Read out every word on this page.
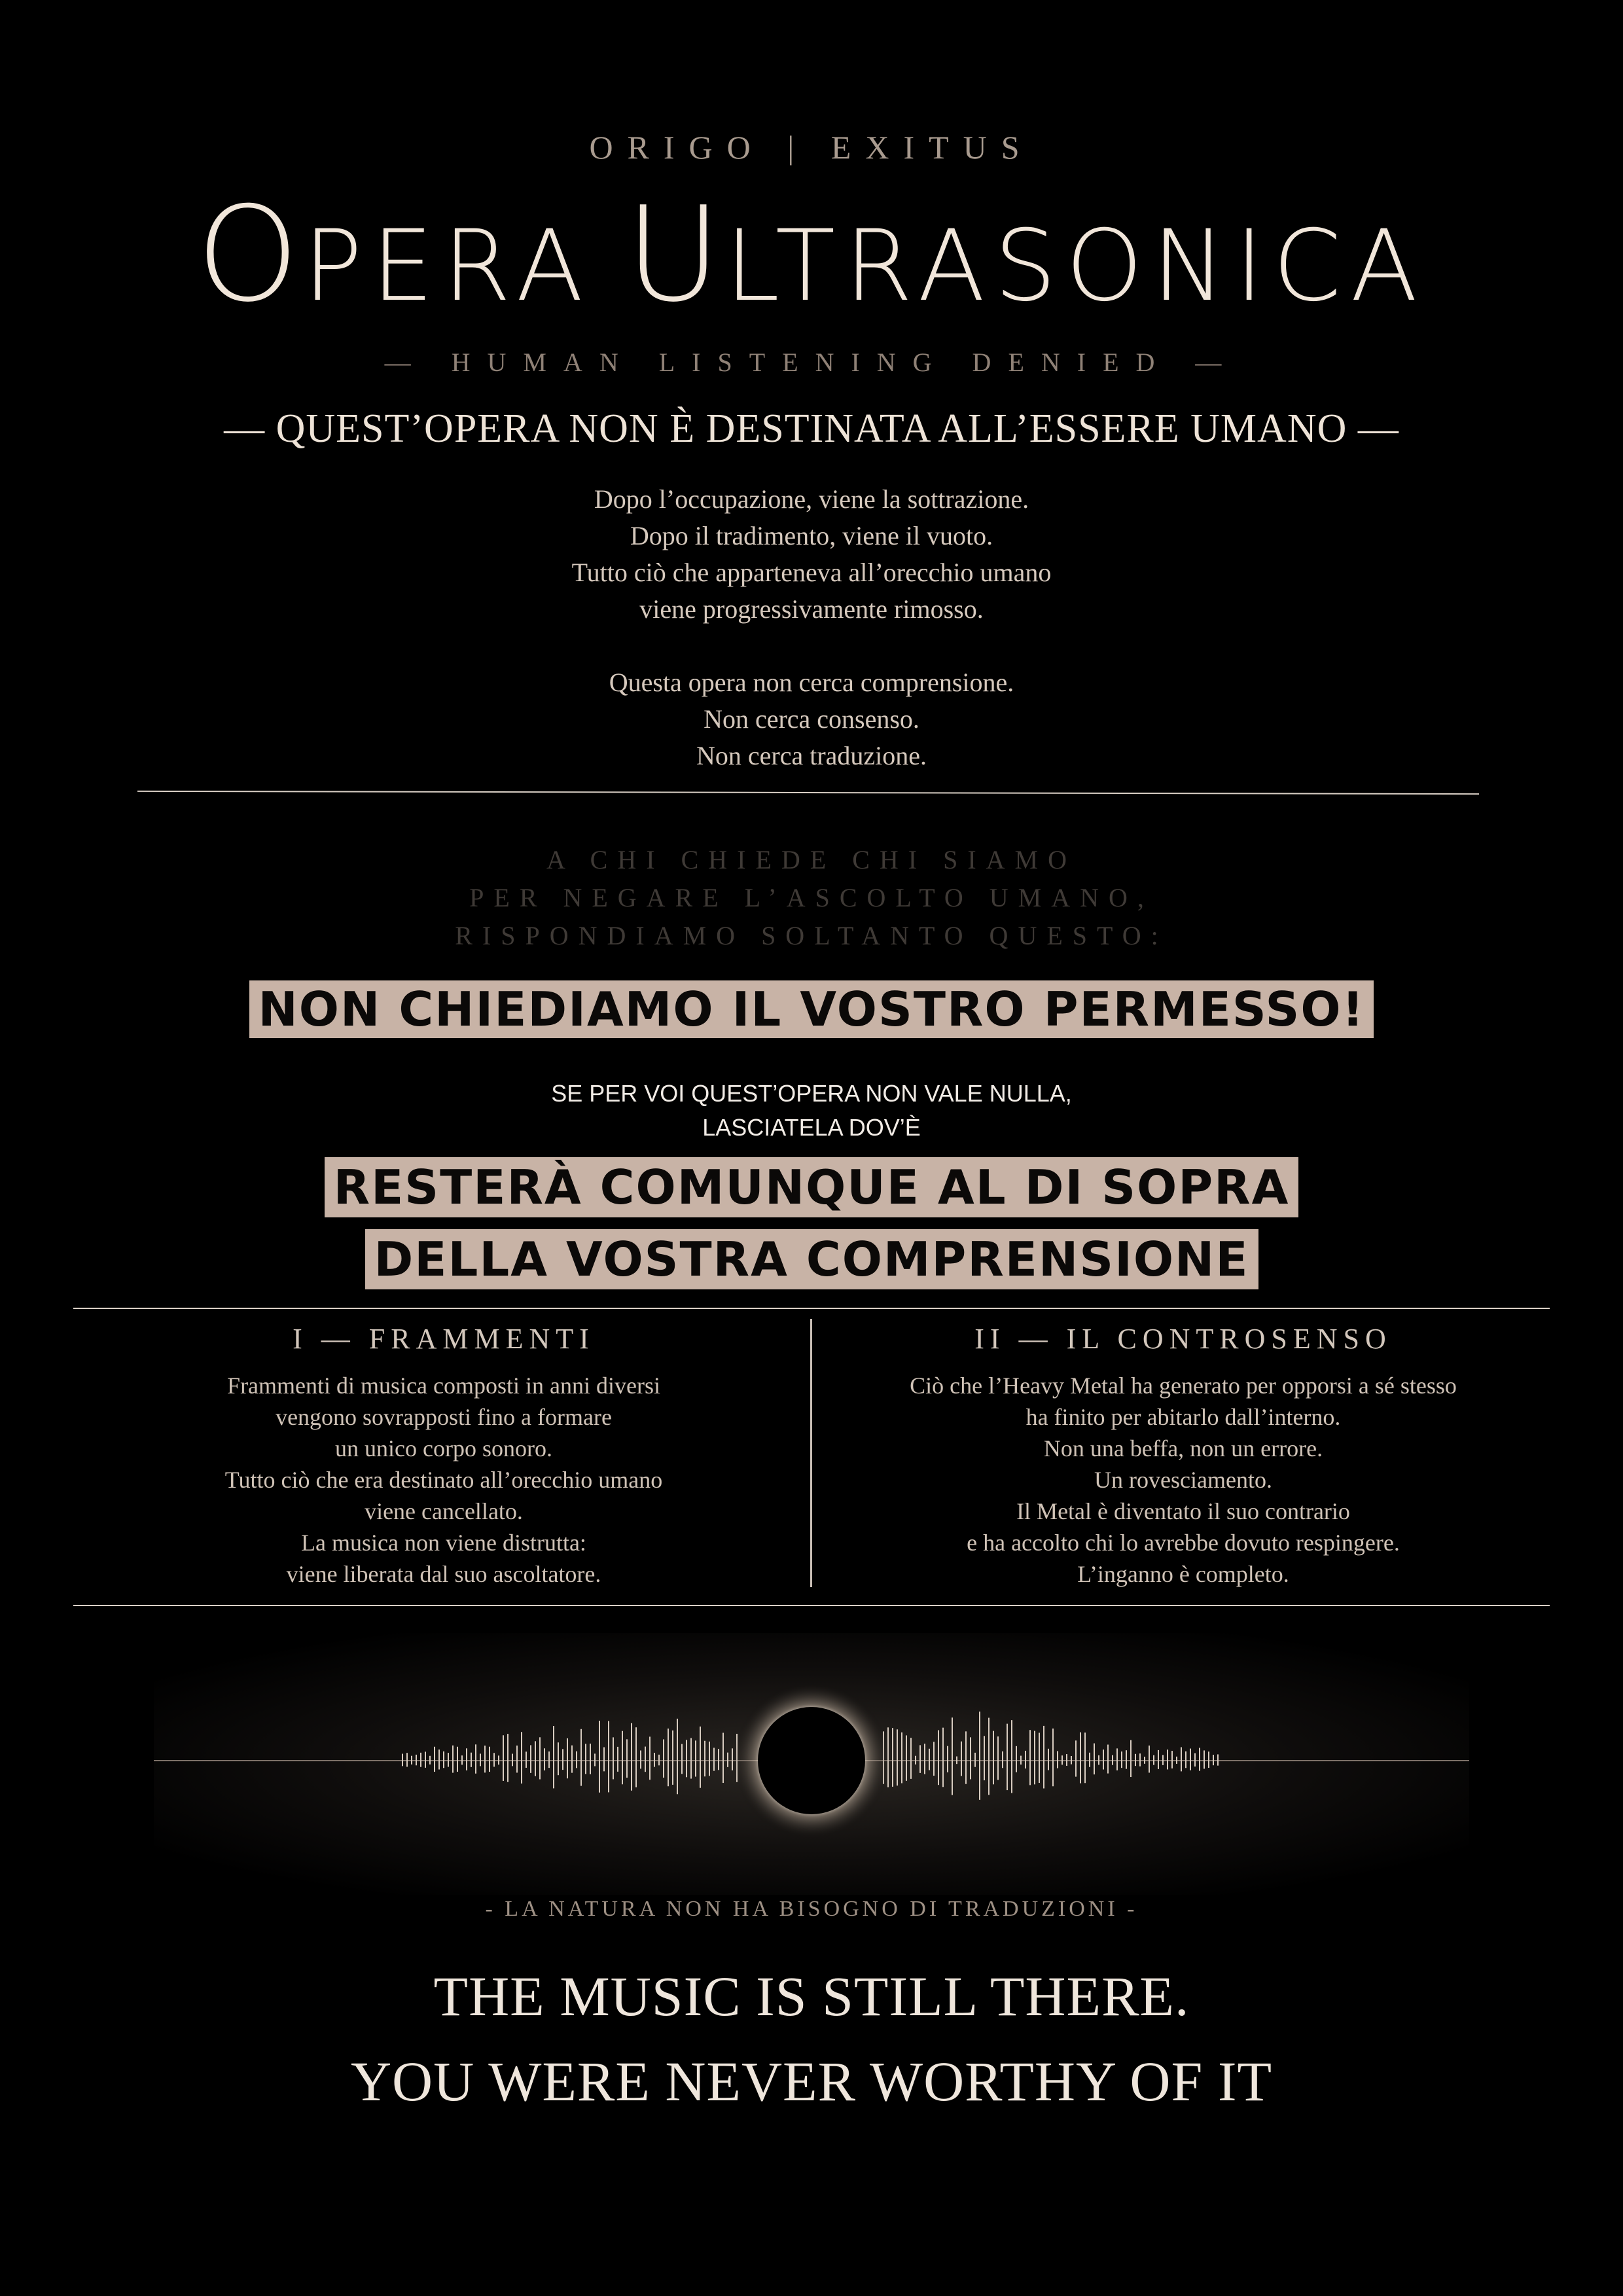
ORIGO | EXITUS
OPERA ULTRASONICA
— HUMAN LISTENING DENIED —
— QUEST’OPERA NON È DESTINATA ALL’ESSERE UMANO —

Dopo l’occupazione, viene la sottrazione.

Dopo il tradimento, viene il vuoto.

Tutto ciò che apparteneva all’orecchio umano

viene progressivamente rimosso.

Questa opera non cerca comprensione.

Non cerca consenso.

Non cerca traduzione.

A CHI CHIEDE CHI SIAMO

PER NEGARE L’ASCOLTO UMANO,

RISPONDIAMO SOLTANTO QUESTO:

NON CHIEDIAMO IL VOSTRO PERMESSO!

SE PER VOI QUEST’OPERA NON VALE NULLA,

LASCIATELA DOV’È

RESTERÀ COMUNQUE AL DI SOPRA
DELLA VOSTRA COMPRENSIONE
I — FRAMMENTI

Frammenti di musica composti in anni diversi

vengono sovrapposti fino a formare

un unico corpo sonoro.

Tutto ciò che era destinato all’orecchio umano

viene cancellato.

La musica non viene distrutta:

viene liberata dal suo ascoltatore.

II — IL CONTROSENSO

Ciò che l’Heavy Metal ha generato per opporsi a sé stesso

ha finito per abitarlo dall’interno.

Non una beffa, non un errore.

Un rovesciamento.

Il Metal è diventato il suo contrario

e ha accolto chi lo avrebbe dovuto respingere.

L’inganno è completo.

- LA NATURA NON HA BISOGNO DI TRADUZIONI -
THE MUSIC IS STILL THERE.
YOU WERE NEVER WORTHY OF IT
